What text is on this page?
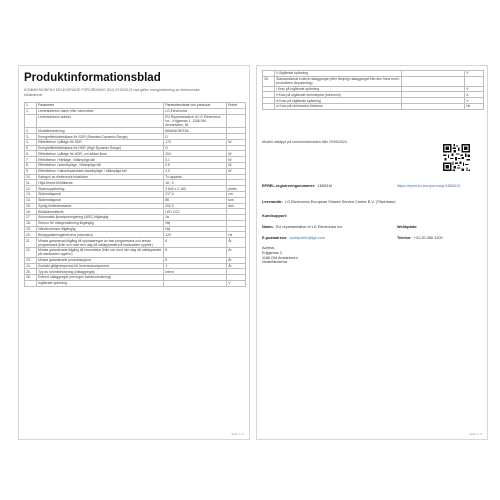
Produktinformationsblad
KOMMISSIONENS DELEGERADE FÖRORDNING (EU) 2019/2013 vad gäller energimärkning av elektroniska bildskärmar
1	Parameter	Parametervärde och precision	Enhet
1.	Leverantörens namn eller varumärke	LG Electronics	
	Leverantörens adress	EU Representative of LG Electronics Inc., Krijgsman 1, 1186 DM Amstelveen, NL	
2.	Modellbeteckning	86NANO80T6A	
3.	Energieffektivitetsklass för SDR (Standard Dynamic Range)	G	
4.	Effektbehov i påläge för SDR	170	W
5.	Energieffektivitetsklass för HDR (High Dynamic Range)	G	
6.	Effektbehov i påläge för HDR, om sådan finns	264	W
7.	Effektbehov i frånläge, i tillämpliga fall	0,1	W
8.	Effektbehov i standbyläge, i tillämpliga fall	0,5	W
9.	Effektbehov i nätverksanslutet standbyläge, i tillämpliga fall	2,0	W
10.	Kategori av elektronisk bildskärm	Tv-apparat	
11.	Höjd-bredd-förhållande	16 : 9	
12.	Skärmupplösning	3 840 x 2 160	pixels
13.	Skärmdiagonal	217,4	cm
14.	Skärmdiagonal	86	tum
15.	Synlig bildskärmsarea	202,3	dm²
16.	Bildskärmsteknik	LED LCD	
17.	Automatisk ljusstyrkereglering (ABC) tillgänglig	Ja	
18.	Sensor för röstigenkänning tillgänglig	Nej	
19.	Närvarosensor tillgänglig	Nej	
20.	Bilduppdateringsfrekvens (standard)	120	Hz
21.	Minsta garanterad tillgång till uppdateringar av fast programvara och annan programvara (från och med den dag då utsläppandet på marknaden upphör)	8	År
22.	Minsta garanterade tillgång till reservdelar (från och med den dag då utsläppandet på marknaden upphör)	8	År
23.	Minsta garanterade produktsupport	8	År
24.	Kontakt giltighetsperiod för leveranskomponent	1	År
25.	Typ av strömförsörjning (nätaggregat)	Intern	
26.	Externt nätaggregat (om ingen fabriksutrustning)		
	Ingående spänning		V
Sida 1 / 2
	ii Utgående spänning		V
26.	Standardiserat externt nätaggregat (eller lämpligt nätaggregat från den finns med i produktens förpackning)		
	i Krav på ingående spänning		V
	ii Krav på utgående strömstyrka (minimum)		A
	iii Krav på utgående spänning		V
	iv Krav på strömmens frekvens		Hz
Modell utsläppt på unionsmarknaden från 29/05/2024
EPREL-registreringsnummer: 1865310	https://eprel.ec.europa.eu/qr/1865310
Leverantör: LG Electronics European Shared Service Center B.V. (Tillverkare)
Kundsupport:
Namn: EU representative of LG Electronics Inc	Webbplats:
E-postadress: eprelpublic@lge.com	Telefon: +31-20-456 3100
Adress:
Krijgsman 1
1186 DM Amstelveen
Nederländerna
Sida 2 / 2
